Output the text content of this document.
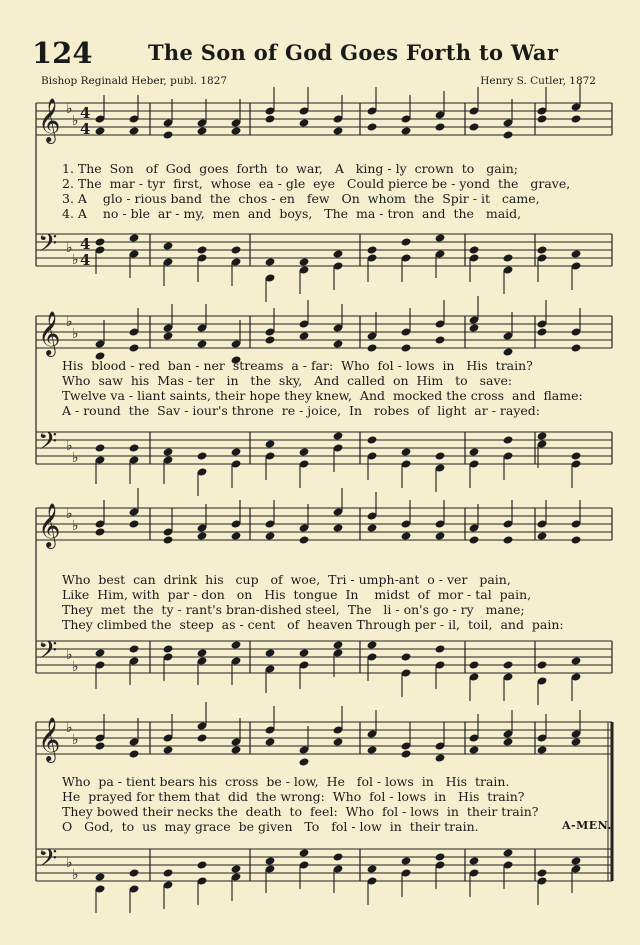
124	The Son of God Goes Forth to War
Bishop Reginald Heber, publ. 1827	Henry S. Cutler, 1872
𝄞 ♭
♭ 4
4
𝄢 ♭
♭
4
4
𝄞 ♭
♭
𝄢 ♭
♭
𝄞 ♭
♭
𝄢 ♭
♭
𝄞 ♭
♭
𝄢 ♭
♭
1. The  Son   of  God  goes  forth  to  war,   A   king - ly  crown  to   gain;
2. The  mar - tyr  first,  whose  ea - gle  eye   Could pierce be - yond  the   grave,
3. A    glo - rious band  the  chos - en   few   On  whom  the  Spir - it   came,
4. A    no - ble  ar - my,  men  and  boys,   The  ma - tron  and  the   maid,
His  blood - red  ban - ner  streams  a - far:  Who  fol - lows  in   His  train?
Who  saw  his  Mas - ter   in   the  sky,   And  called  on  Him   to   save:
Twelve va - liant saints, their hope they knew,  And  mocked the cross  and  flame:
A - round  the  Sav - iour's throne  re - joice,  In   robes  of  light  ar - rayed:
Who  best  can  drink  his   cup   of  woe,  Tri - umph-ant  o - ver   pain,
Like  Him, with  par - don   on   His  tongue  In    midst  of  mor - tal  pain,
They  met  the  ty - rant's bran-dished steel,  The   li - on's go - ry   mane;
They climbed the  steep  as - cent   of  heaven Through per - il,  toil,  and  pain:
Who  pa - tient bears his  cross  be - low,  He   fol - lows  in   His  train.
He  prayed for them that  did  the wrong:  Who  fol - lows  in   His  train?
They bowed their necks the  death  to  feel:  Who  fol - lows  in  their train?
O   God,  to  us  may grace  be given   To   fol - low  in  their train.	A-MEN.
